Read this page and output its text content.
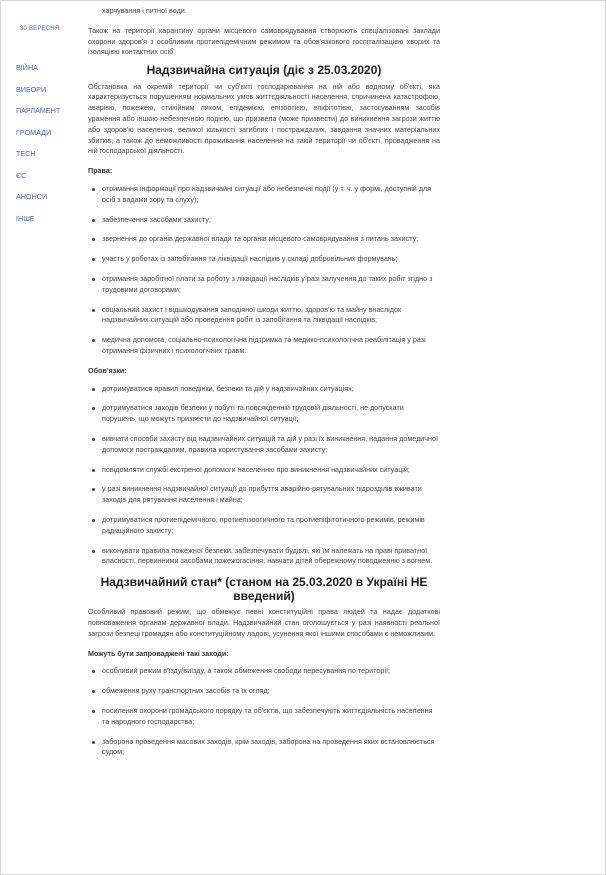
30 ВЕРЕСНЯ
ВІЙНА
ВИБОРИ
ПАРЛАМЕНТ
ГРОМАДИ
ТЕСН
ЄС
АНОНСИ
ІНШЕ
харчування і питної води.

Також на території карантину органи місцевого самоврядування створюють спеціалізовані заклади охорони здоров'я з особливим протиепідемічним режимом та обов'язкового госпіталізацією хворих та ізоляцією контактних осіб.

Надзвичайна ситуація (діє з 25.03.2020)

Обстановка на окремій території чи суб'єкті господарювання на ній або водному об'єкті, яка характеризується порушенням нормальних умов життєдіяльності населення, спричинена катастрофою, аварією, пожежею, стихійним лихом, епідемією, епізоотією, епіфітотією, застосуванням засобів ураження або іншою небезпечною подією, що призвела (може призвести) до виникнення загрози життю або здоров'ю населення, великої кількості загиблих і постраждалих, завдання значних матеріальних збитків, а також до неможливості проживання населення на такій території чи об'єкті, провадження на ній господарської діяльності.

Права:

отримання інформації про надзвичайні ситуації або небезпечні події (у т. ч. у формі, доступній для осіб з вадами зору та слуху);
забезпечення засобами захисту;
звернення до органів державної влади та органів місцевого самоврядування з питань захисту;
участь у роботах із запобігання та ліквідації наслідків у складі добровільних формувань;
отримання заробітної плати за роботу з ліквідації наслідків у разі залучення до таких робіт згідно з трудовими договорами;
соціальний захист і відшкодування заподіяної шкоди життю, здоров'ю та майну внаслідок надзвичайних ситуацій або проведення робіт із запобігання та ліквідації наслідків;
медична допомога, соціально-психологічна підтримка та медико-психологічна реабілітація у разі отримання фізичних і психологічних травм.

Обов'язки:

дотримуватися правил поведінки, безпеки та дій у надзвичайних ситуаціях;
дотримуватися заходів безпеки у побуті та повсякденній трудовій діяльності, не допускати порушень, що можуть призвести до надзвичайної ситуації;
вивчати способи захисту від надзвичайних ситуацій та дій у разі їх виникнення, надання домедичної допомоги постраждалим, правила користування засобами захисту;
повідомляти службі екстреної допомоги населенню про виникнення надзвичайних ситуацій;
у разі виникнення надзвичайної ситуації до прибуття аварійно-рятувальних підрозділів вживати заходів для рятування населення і майна;
дотримуватися протиепідемічного, протиепізоотичного та протиепіфітотичного режимів, режимів радіаційного захисту;
виконувати правила пожежної безпеки, забезпечувати будівлі, які їм належать на праві приватної власності, первинними засобами пожежогасіння, навчати дітей обережному поводженню з вогнем.
Надзвичайний стан* (станом на 25.03.2020 в Україні НЕ введений)

Особливий правовий режим, що обмежує певні конституційні права людей та надає додаткові повноваження органам державної влади. Надзвичайний стан оголошується у разі наявності реальної загрози безпеці громадян або конституційному ладові, усунення якої іншими способами є неможливим.

Можуть бути запроваджені такі заходи:

особливий режим в'їзду/виїзду, а також обмеження свободи пересування по території;
обмеження руху транспортних засобів та їх огляд;
посилення охорони громадського порядку та об'єктів, що забезпечують життєдіяльність населення та народного господарства;
заборона проведення масових заходів, крім заходів, заборона на проведення яких встановлюється судом;
